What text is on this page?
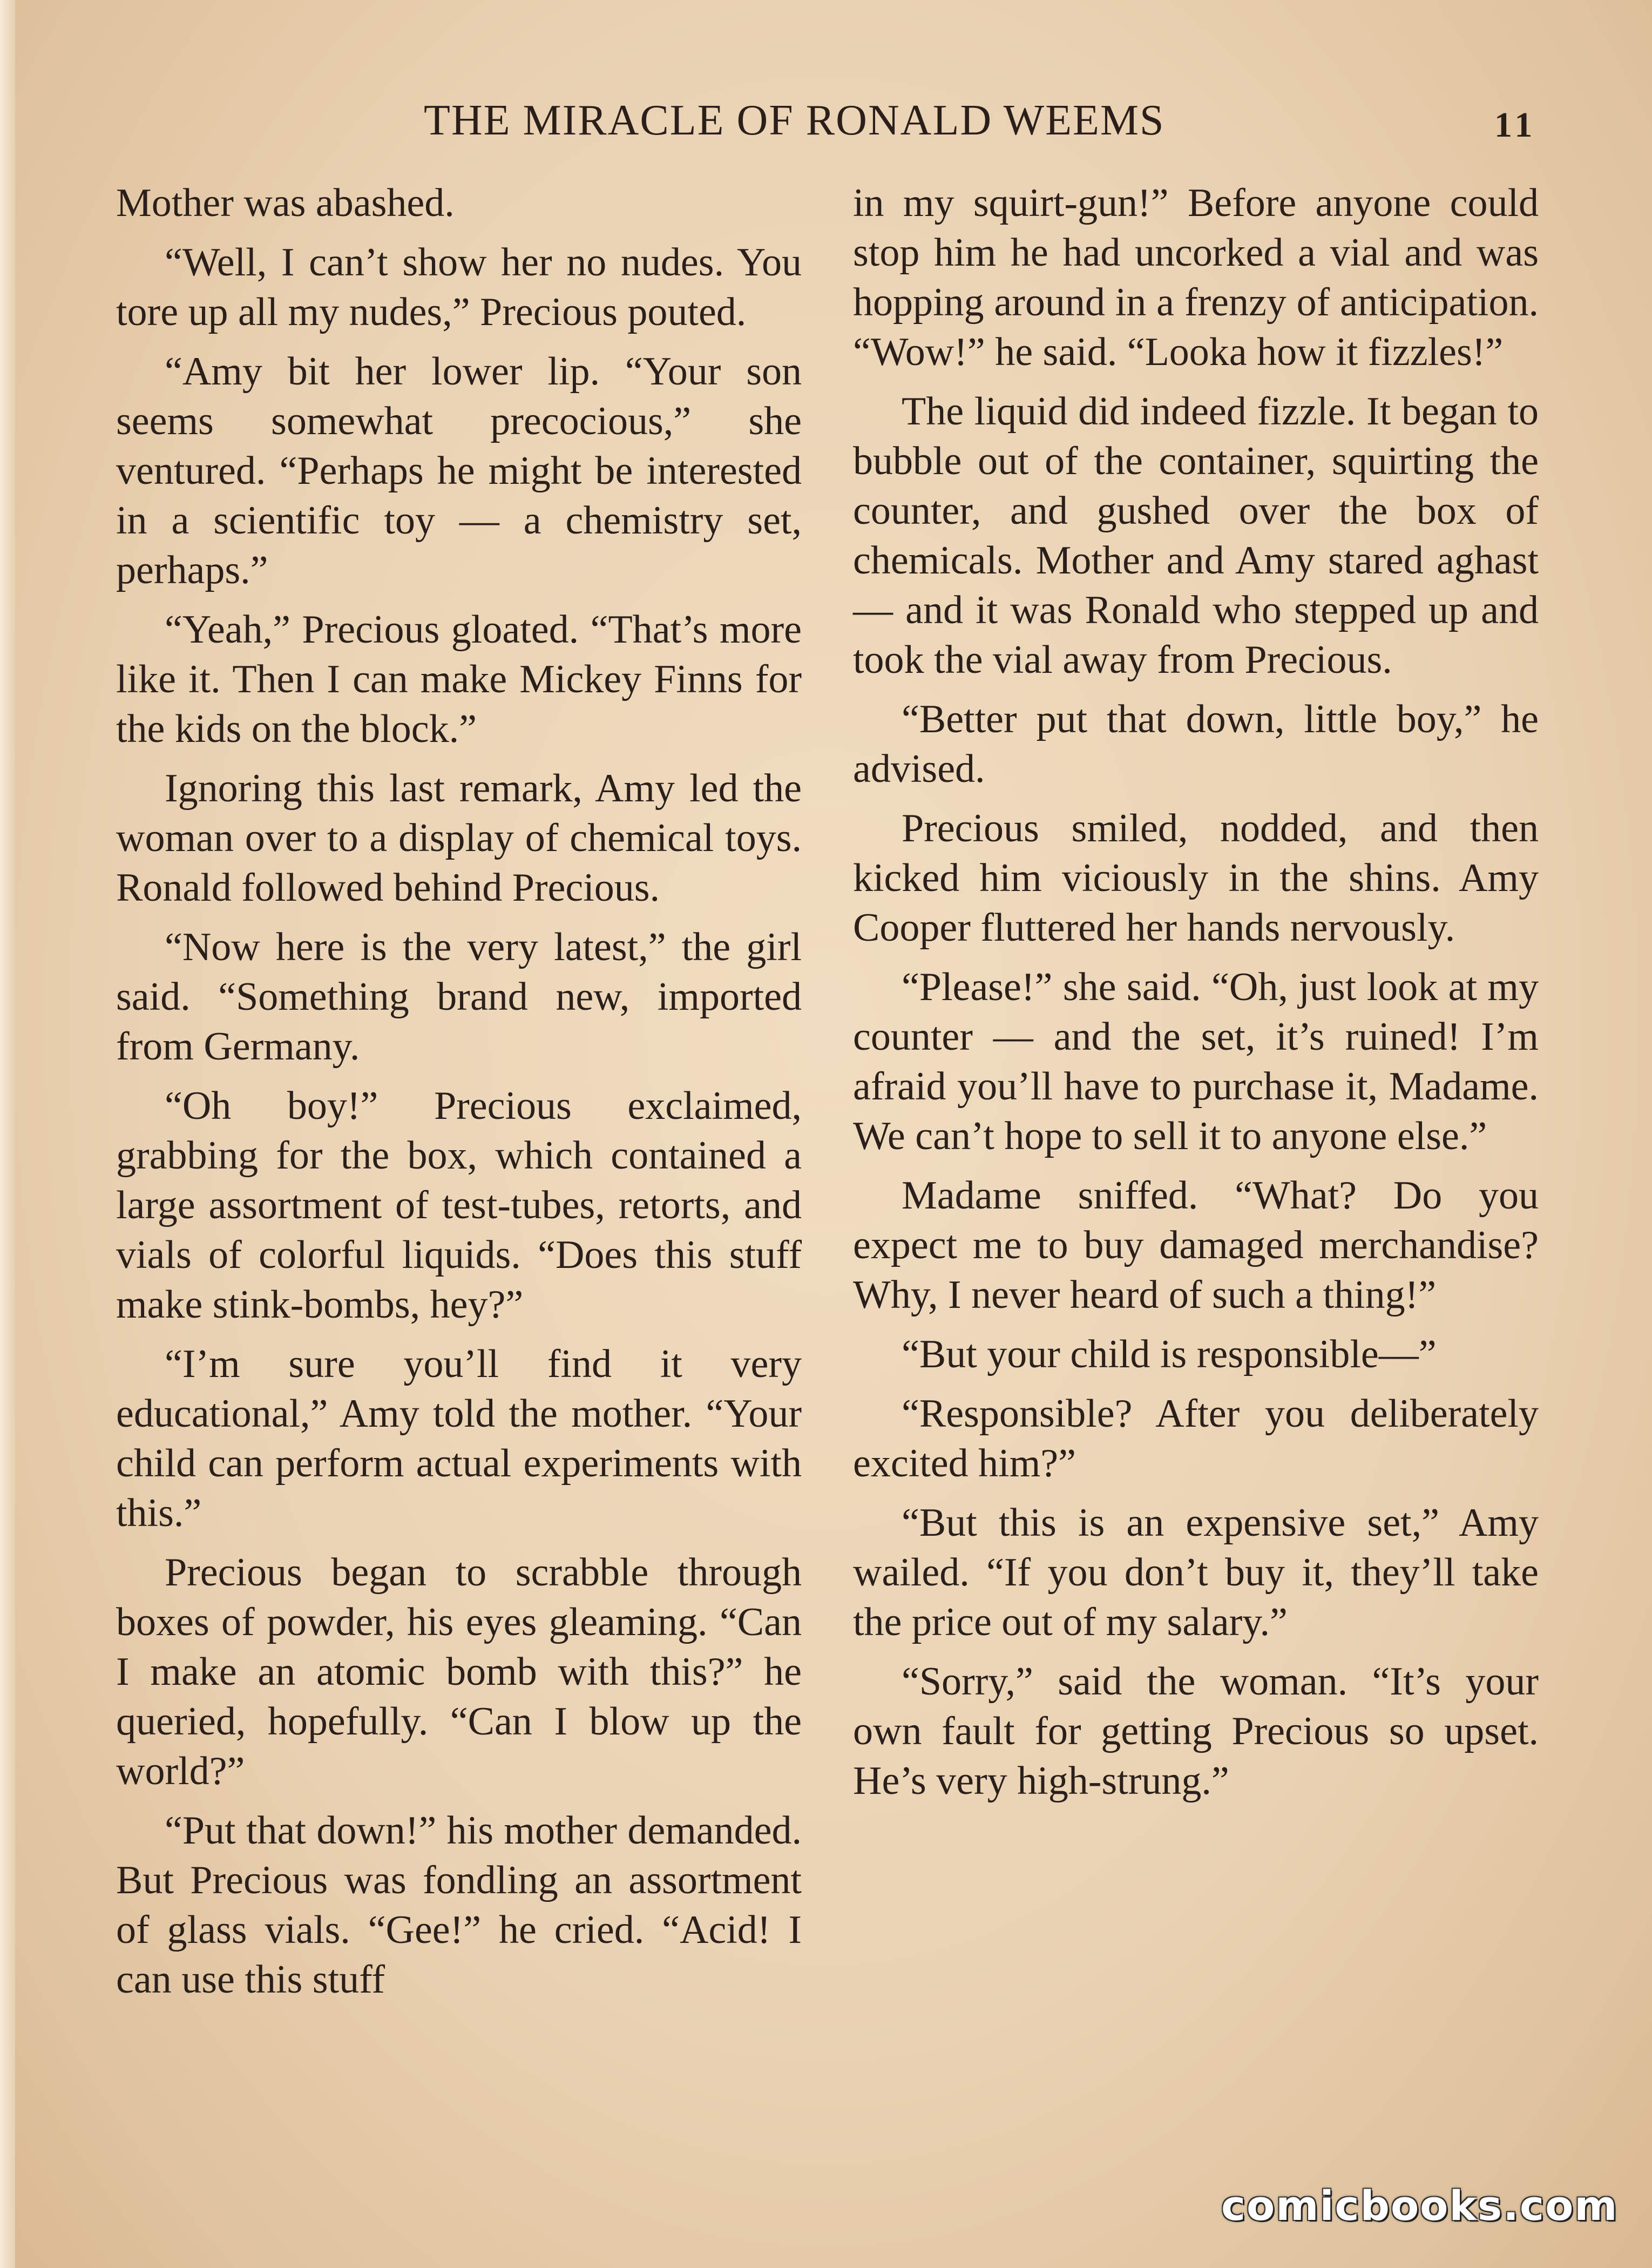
THE MIRACLE OF RONALD WEEMS	11

Mother was abashed.

“Well, I can’t show her no nudes. You tore up all my nudes,” Precious pouted.

“Amy bit her lower lip. “Your son seems somewhat precocious,” she ventured. “Perhaps he might be interested in a scientific toy — a chemistry set, perhaps.”

“Yeah,” Precious gloated. “That’s more like it. Then I can make Mickey Finns for the kids on the block.”

Ignoring this last remark, Amy led the woman over to a display of chemical toys. Ronald followed behind Precious.

“Now here is the very latest,” the girl said. “Something brand new, imported from Germany.

“Oh boy!” Precious exclaimed, grabbing for the box, which contained a large assortment of test-tubes, retorts, and vials of colorful liquids. “Does this stuff make stink-bombs, hey?”

“I’m sure you’ll find it very educational,” Amy told the mother. “Your child can perform actual experiments with this.”

Precious began to scrabble through boxes of powder, his eyes gleaming. “Can I make an atomic bomb with this?” he queried, hopefully. “Can I blow up the world?”

“Put that down!” his mother demanded. But Precious was fondling an assortment of glass vials. “Gee!” he cried. “Acid! I can use this stuff

in my squirt-gun!” Before anyone could stop him he had uncorked a vial and was hopping around in a frenzy of anticipation. “Wow!” he said. “Looka how it fizzles!”

The liquid did indeed fizzle. It began to bubble out of the container, squirting the counter, and gushed over the box of chemicals. Mother and Amy stared aghast — and it was Ronald who stepped up and took the vial away from Precious.

“Better put that down, little boy,” he advised.

Precious smiled, nodded, and then kicked him viciously in the shins. Amy Cooper fluttered her hands nervously.

“Please!” she said. “Oh, just look at my counter — and the set, it’s ruined! I’m afraid you’ll have to purchase it, Madame. We can’t hope to sell it to anyone else.”

Madame sniffed. “What? Do you expect me to buy damaged merchandise? Why, I never heard of such a thing!”

“But your child is responsible—”

“Responsible? After you deliberately excited him?”

“But this is an expensive set,” Amy wailed. “If you don’t buy it, they’ll take the price out of my salary.”

“Sorry,” said the woman. “It’s your own fault for getting Precious so upset. He’s very high-strung.”

comicbooks.com
